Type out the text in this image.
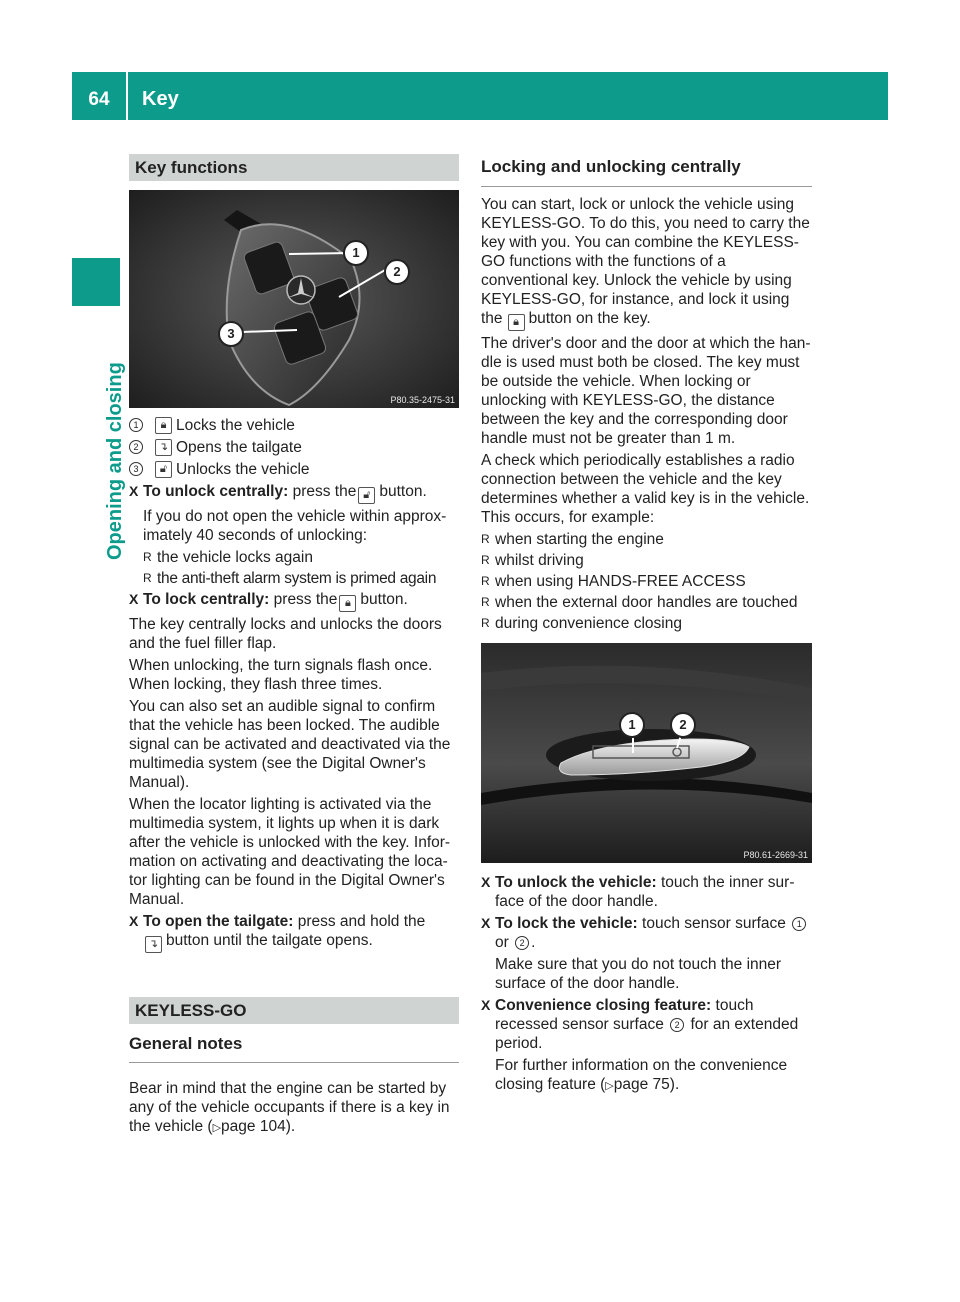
64	Key
Opening and closing
Key functions
1
2
3
P80.35-2475-31
1	🔒︎ Locks the vehicle
2	↴ Opens the tailgate
3	🔓︎ Unlocks the vehicle
X To unlock centrally: press the 🔓︎ button.

If you do not open the vehicle within approx-imately 40 seconds of unlocking:

R the vehicle locks again
R the anti-theft alarm system is primed again
X To lock centrally: press the 🔒︎ button.

The key centrally locks and unlocks the doors and the fuel filler flap.

When unlocking, the turn signals flash once. When locking, they flash three times.

You can also set an audible signal to confirm that the vehicle has been locked. The audible signal can be activated and deactivated via the multimedia system (see the Digital Owner's Manual).

When the locator lighting is activated via the multimedia system, it lights up when it is dark after the vehicle is unlocked with the key. Infor-mation on activating and deactivating the loca-tor lighting can be found in the Digital Owner's Manual.

X To open the tailgate: press and hold the
↴ button until the tailgate opens.
KEYLESS-GO
General notes

Bear in mind that the engine can be started by any of the vehicle occupants if there is a key in the vehicle (▷page 104).

Locking and unlocking centrally

You can start, lock or unlock the vehicle using KEYLESS-GO. To do this, you need to carry the key with you. You can combine the KEYLESS-GO functions with the functions of a conventional key. Unlock the vehicle by using KEYLESS-GO, for instance, and lock it using the 🔒︎ button on the key.

The driver's door and the door at which the han-dle is used must both be closed. The key must be outside the vehicle. When locking or unlocking with KEYLESS-GO, the distance between the key and the corresponding door handle must not be greater than 1 m.

A check which periodically establishes a radio connection between the vehicle and the key determines whether a valid key is in the vehicle. This occurs, for example:

R when starting the engine
R whilst driving
R when using HANDS-FREE ACCESS
R when the external door handles are touched
R during convenience closing
1	2
P80.61-2669-31
X To unlock the vehicle: touch the inner sur-face of the door handle.
X To lock the vehicle: touch sensor surface 1
or 2 .

Make sure that you do not touch the inner surface of the door handle.

X Convenience closing feature: touch recessed sensor surface 2 for an extended period.

For further information on the convenience closing feature (▷page 75).
